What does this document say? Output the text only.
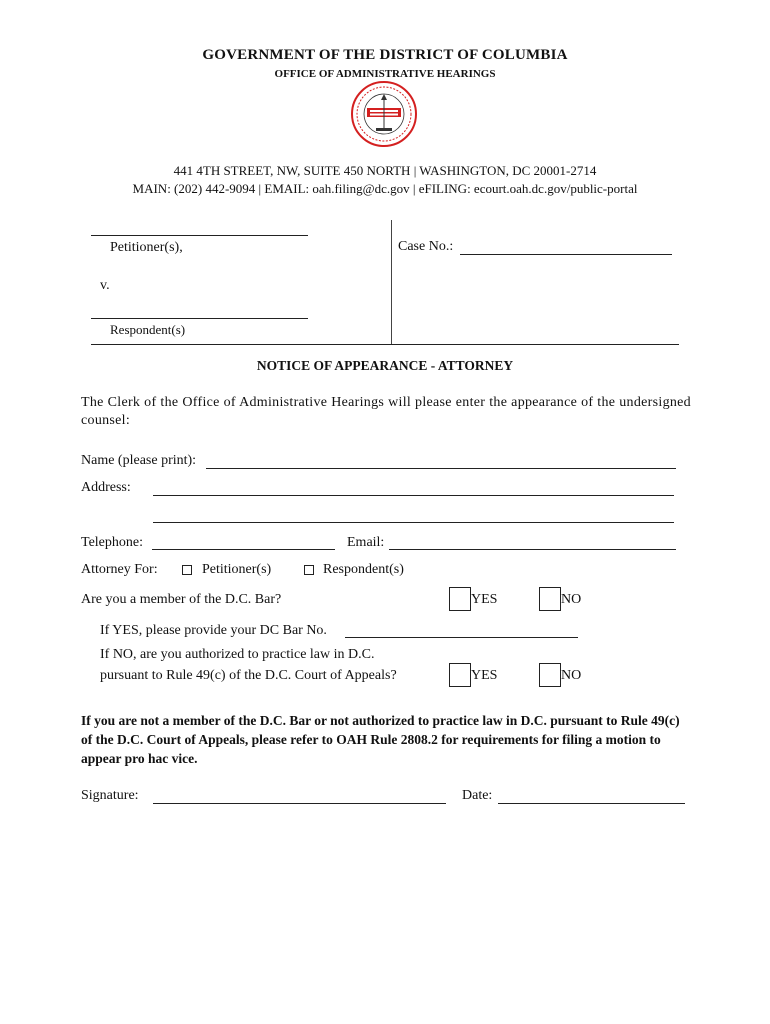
GOVERNMENT OF THE DISTRICT OF COLUMBIA
OFFICE OF ADMINISTRATIVE HEARINGS
441 4TH STREET, NW, SUITE 450 NORTH | WASHINGTON, DC 20001-2714
MAIN: (202) 442-9094 | EMAIL: oah.filing@dc.gov | eFILING: ecourt.oah.dc.gov/public-portal
Petitioner(s),
v.
Respondent(s)
Case No.:
NOTICE OF APPEARANCE - ATTORNEY
The Clerk of the Office of Administrative Hearings will please enter the appearance of the undersigned counsel:
Name (please print):
Address:
Telephone:	Email:
Attorney For:	Petitioner(s)	Respondent(s)
Are you a member of the D.C. Bar?	YES	NO
If YES, please provide your DC Bar No.
If NO, are you authorized to practice law in D.C.
pursuant to Rule 49(c) of the D.C. Court of Appeals?	YES	NO
If you are not a member of the D.C. Bar or not authorized to practice law in D.C. pursuant to Rule 49(c) of the D.C. Court of Appeals, please refer to OAH Rule 2808.2 for requirements for filing a motion to appear pro hac vice.
Signature:	Date:
